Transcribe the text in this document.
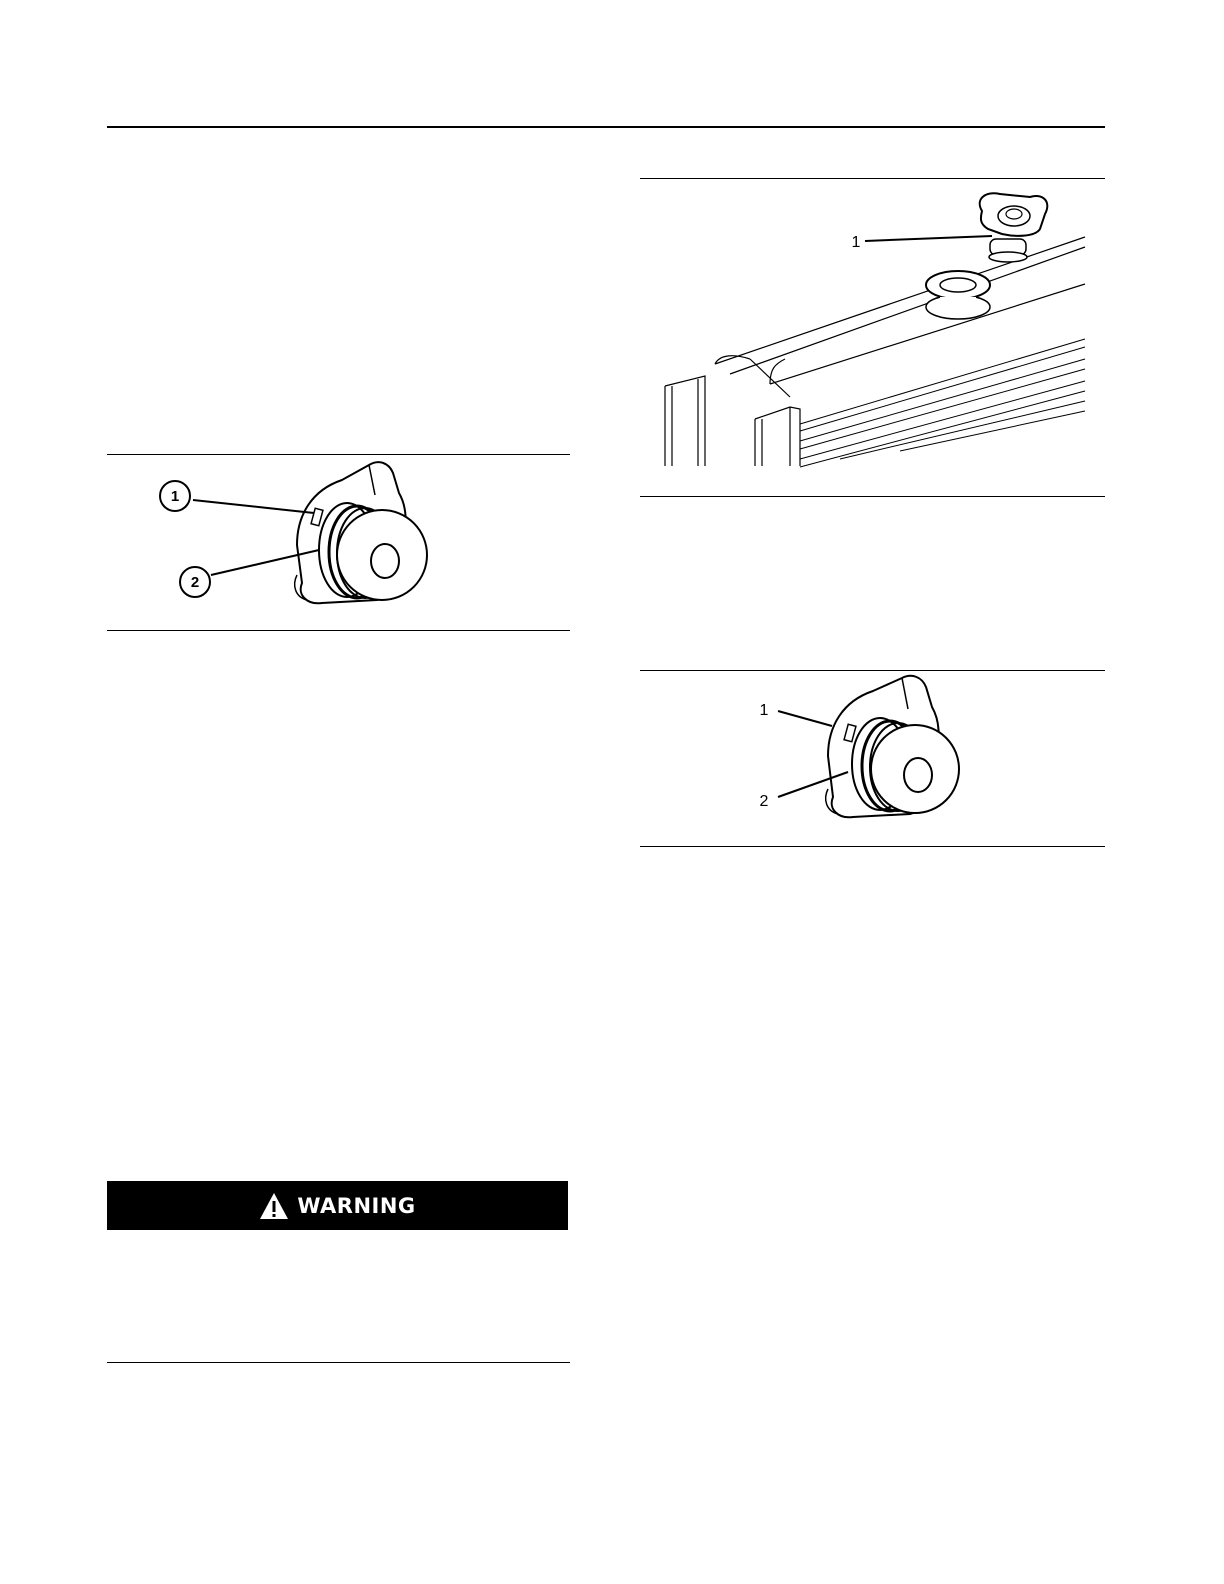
1
2
WARNING
1
1
2
